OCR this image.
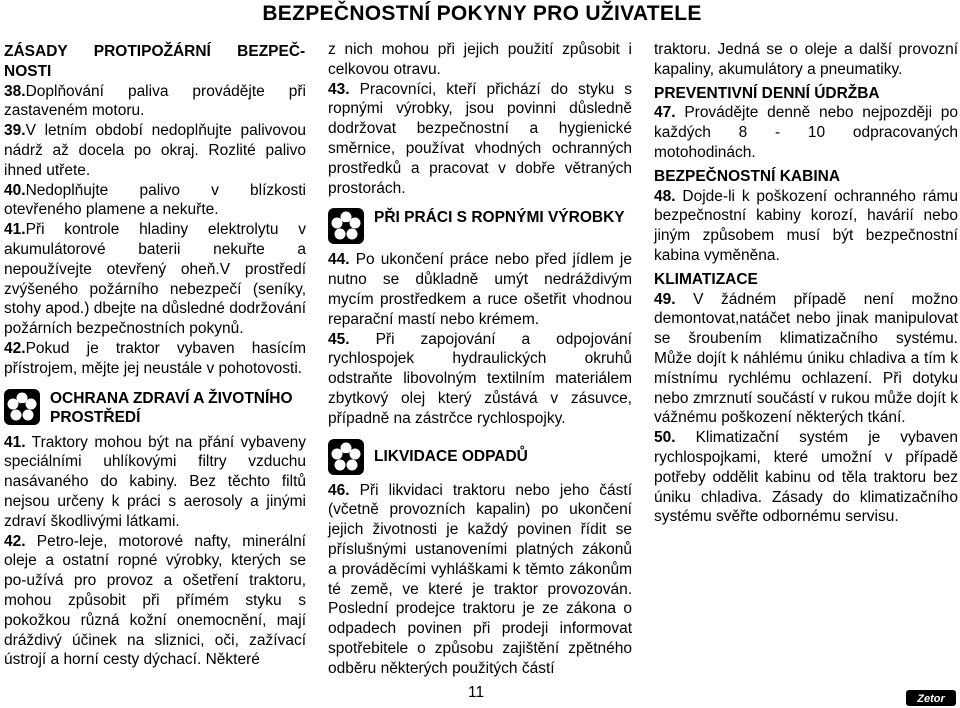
BEZPEČNOSTNÍ POKYNY PRO UŽIVATELE

ZÁSADY PROTIPOŽÁRNÍ BEZPEČ-

NOSTI

38.Doplňování paliva provádějte při zastaveném motoru.

39.V letním období nedoplňujte palivovou nádrž až docela po okraj. Rozlité palivo ihned utřete.

40.Nedoplňujte palivo v blízkosti otevřeného plamene a nekuřte.

41.Při kontrole hladiny elektrolytu v akumulátorové baterii nekuřte a nepoužívejte otevřený oheň.V prostředí zvýšeného požárního nebezpečí (seníky, stohy apod.) dbejte na důsledné dodržování požárních bezpečnostních pokynů.

42.Pokud je traktor vybaven hasícím přístrojem, mějte jej neustále v pohotovosti.

OCHRANA ZDRAVÍ A ŽIVOTNÍHO PROSTŘEDÍ

41. Traktory mohou být na přání vybaveny speciálními uhlíkovými filtry vzduchu nasávaného do kabiny. Bez těchto filtů nejsou určeny k práci s aerosoly a jinými zdraví škodlivými látkami.

42. Petro-leje, motorové nafty, minerální oleje a ostatní ropné výrobky, kterých se po-užívá pro provoz a ošetření traktoru, mohou způsobit při přímém styku s pokožkou různá kožní onemocnění, mají dráždivý účinek na sliznici, oči, zažívací ústrojí a horní cesty dýchací. Některé

z nich mohou při jejich použití způsobit i celkovou otravu.

43. Pracovníci, kteří přichází do styku s ropnými výrobky, jsou povinni důsledně dodržovat bezpečnostní a hygienické směrnice, používat vhodných ochranných prostředků a pracovat v dobře větraných prostorách.

PŘI PRÁCI S ROPNÝMI VÝROBKY

44. Po ukončení práce nebo před jídlem je nutno se důkladně umýt nedráždivým mycím prostředkem a ruce ošetřit vhodnou reparační mastí nebo krémem.

45. Při zapojování a odpojování rychlospojek hydraulických okruhů odstraňte libovolným textilním materiálem zbytkový olej který zůstává v zásuvce, případně na zástrčce rychlospojky.

LIKVIDACE ODPADŮ

46. Při likvidaci traktoru nebo jeho částí (včetně provozních kapalin) po ukončení jejich životnosti je každý povinen řídit se příslušnými ustanoveními platných zákonů a prováděcími vyhláškami k těmto zákonům té země, ve které je traktor provozován. Poslední prodejce traktoru je ze zákona o odpadech povinen při prodeji informovat spotřebitele o způsobu zajištění zpětného odběru některých použitých částí

traktoru. Jedná se o oleje a další provozní kapaliny, akumulátory a pneumatiky.

PREVENTIVNÍ DENNÍ ÚDRŽBA

47. Provádějte denně nebo nejpozději po každých 8 - 10 odpracovaných motohodinách.

BEZPEČNOSTNÍ KABINA

48. Dojde-li k poškození ochranného rámu bezpečnostní kabiny korozí, havárií nebo jiným způsobem musí být bezpečnostní kabina vyměněna.

KLIMATIZACE

49. V žádném případě není možno demontovat,natáčet nebo jinak manipulovat se šroubením klimatizačního systému. Může dojít k náhlému úniku chladiva a tím k místnímu rychlému ochlazení. Při dotyku nebo zmrznutí součástí v rukou může dojít k vážnému poškození některých tkání.

50. Klimatizační systém je vybaven rychlospojkami, které umožní v případě potřeby oddělit kabinu od těla traktoru bez úniku chladiva. Zásady do klimatizačního systému svěřte odbornému servisu.

11	Zetor
